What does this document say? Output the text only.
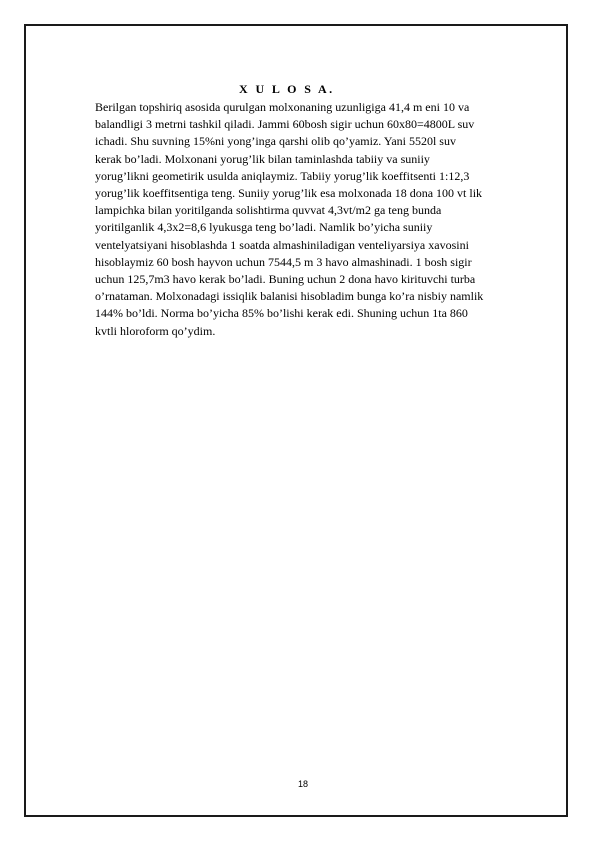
18
X U L O S A.

Berilgan topshiriq asosida qurulgan molxonaning uzunligiga 41,4 m eni 10 va
balandligi 3 metrni tashkil qiladi. Jammi 60bosh sigir uchun 60x80=4800L suv
ichadi. Shu suvning 15%ni yong’inga qarshi olib qo’yamiz. Yani 5520l suv
kerak bo’ladi. Molxonani yorug’lik bilan taminlashda tabiiy va suniiy
yorug’likni geometirik usulda aniqlaymiz. Tabiiy yorug’lik koeffitsenti 1:12,3
yorug’lik koeffitsentiga teng. Suniiy yorug’lik esa molxonada 18 dona 100 vt lik
lampichka bilan yoritilganda solishtirma quvvat 4,3vt/m2 ga teng bunda
yoritilganlik 4,3x2=8,6 lyukusga teng bo’ladi. Namlik bo’yicha suniiy
ventelyatsiyani hisoblashda 1 soatda almashiniladigan venteliyarsiya xavosini
hisoblaymiz 60 bosh hayvon uchun 7544,5 m 3 havo almashinadi. 1 bosh sigir
uchun 125,7m3 havo kerak bo’ladi. Buning uchun 2 dona havo kirituvchi turba
o’rnataman. Molxonadagi issiqlik balanisi hisobladim bunga ko’ra nisbiy namlik
144% bo’ldi. Norma bo’yicha 85% bo’lishi kerak edi. Shuning uchun 1ta 860
kvtli hloroform qo’ydim.
